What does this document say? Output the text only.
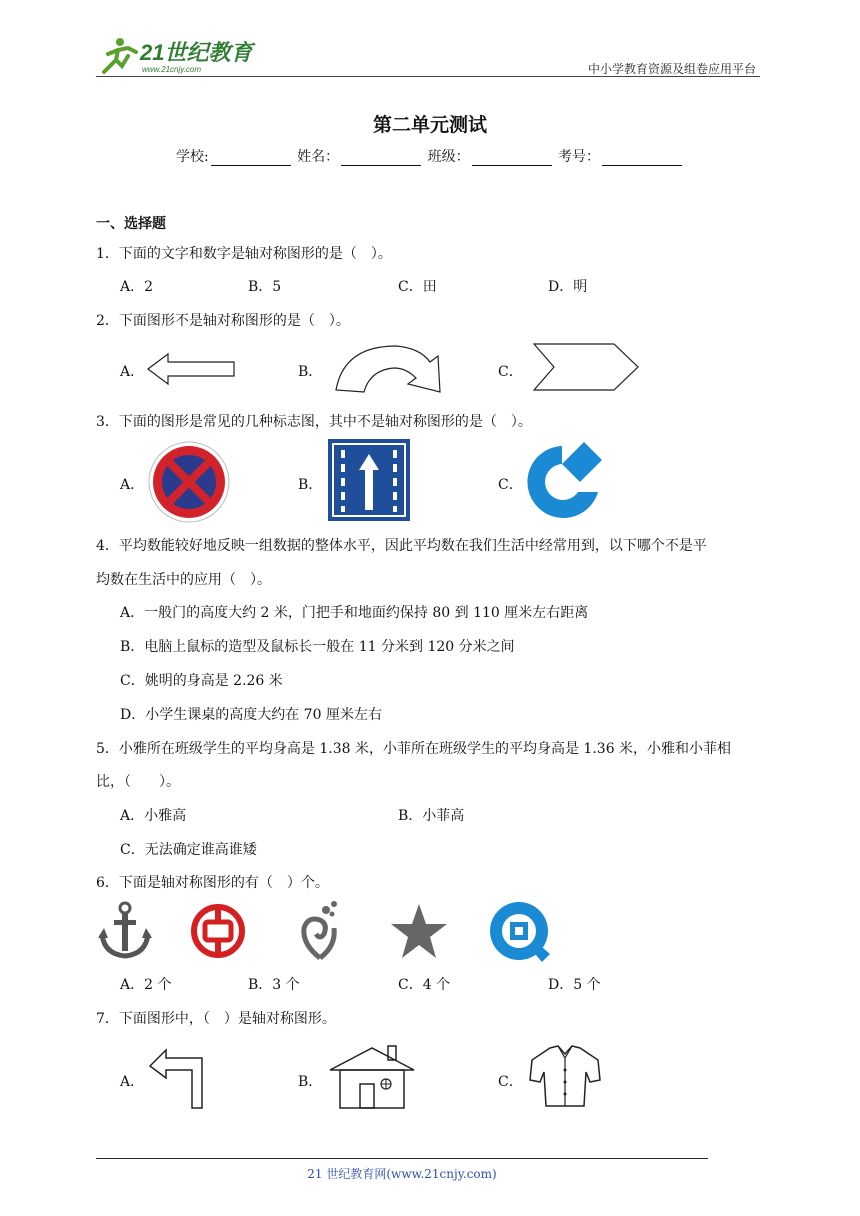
21世纪教育
www.21cnjy.com	中小学教育资源及组卷应用平台
第二单元测试
学校:	姓名：	班级：	考号：
一、选择题
1．下面的文字和数字是轴对称图形的是（　）。
A．2	B．5	C．田	D．明
2．下面图形不是轴对称图形的是（　）。
A．	B．	C．
3．下面的图形是常见的几种标志图，其中不是轴对称图形的是（　）。
A．	B．	C．
4．平均数能较好地反映一组数据的整体水平，因此平均数在我们生活中经常用到，以下哪个不是平
均数在生活中的应用（　）。
A．一般门的高度大约 2 米，门把手和地面约保持 80 到 110 厘米左右距离
B．电脑上鼠标的造型及鼠标长一般在 11 分米到 120 分米之间
C．姚明的身高是 2.26 米
D．小学生课桌的高度大约在 70 厘米左右
5．小雅所在班级学生的平均身高是 1.38 米，小菲所在班级学生的平均身高是 1.36 米，小雅和小菲相
比，（　　）。
A．小雅高	B．小菲高
C．无法确定谁高谁矮
6．下面是轴对称图形的有（　）个。
A．2 个	B．3 个	C．4 个	D．5 个
7．下面图形中，（　）是轴对称图形。
A．	B．	C．
21 世纪教育网(www.21cnjy.com)
